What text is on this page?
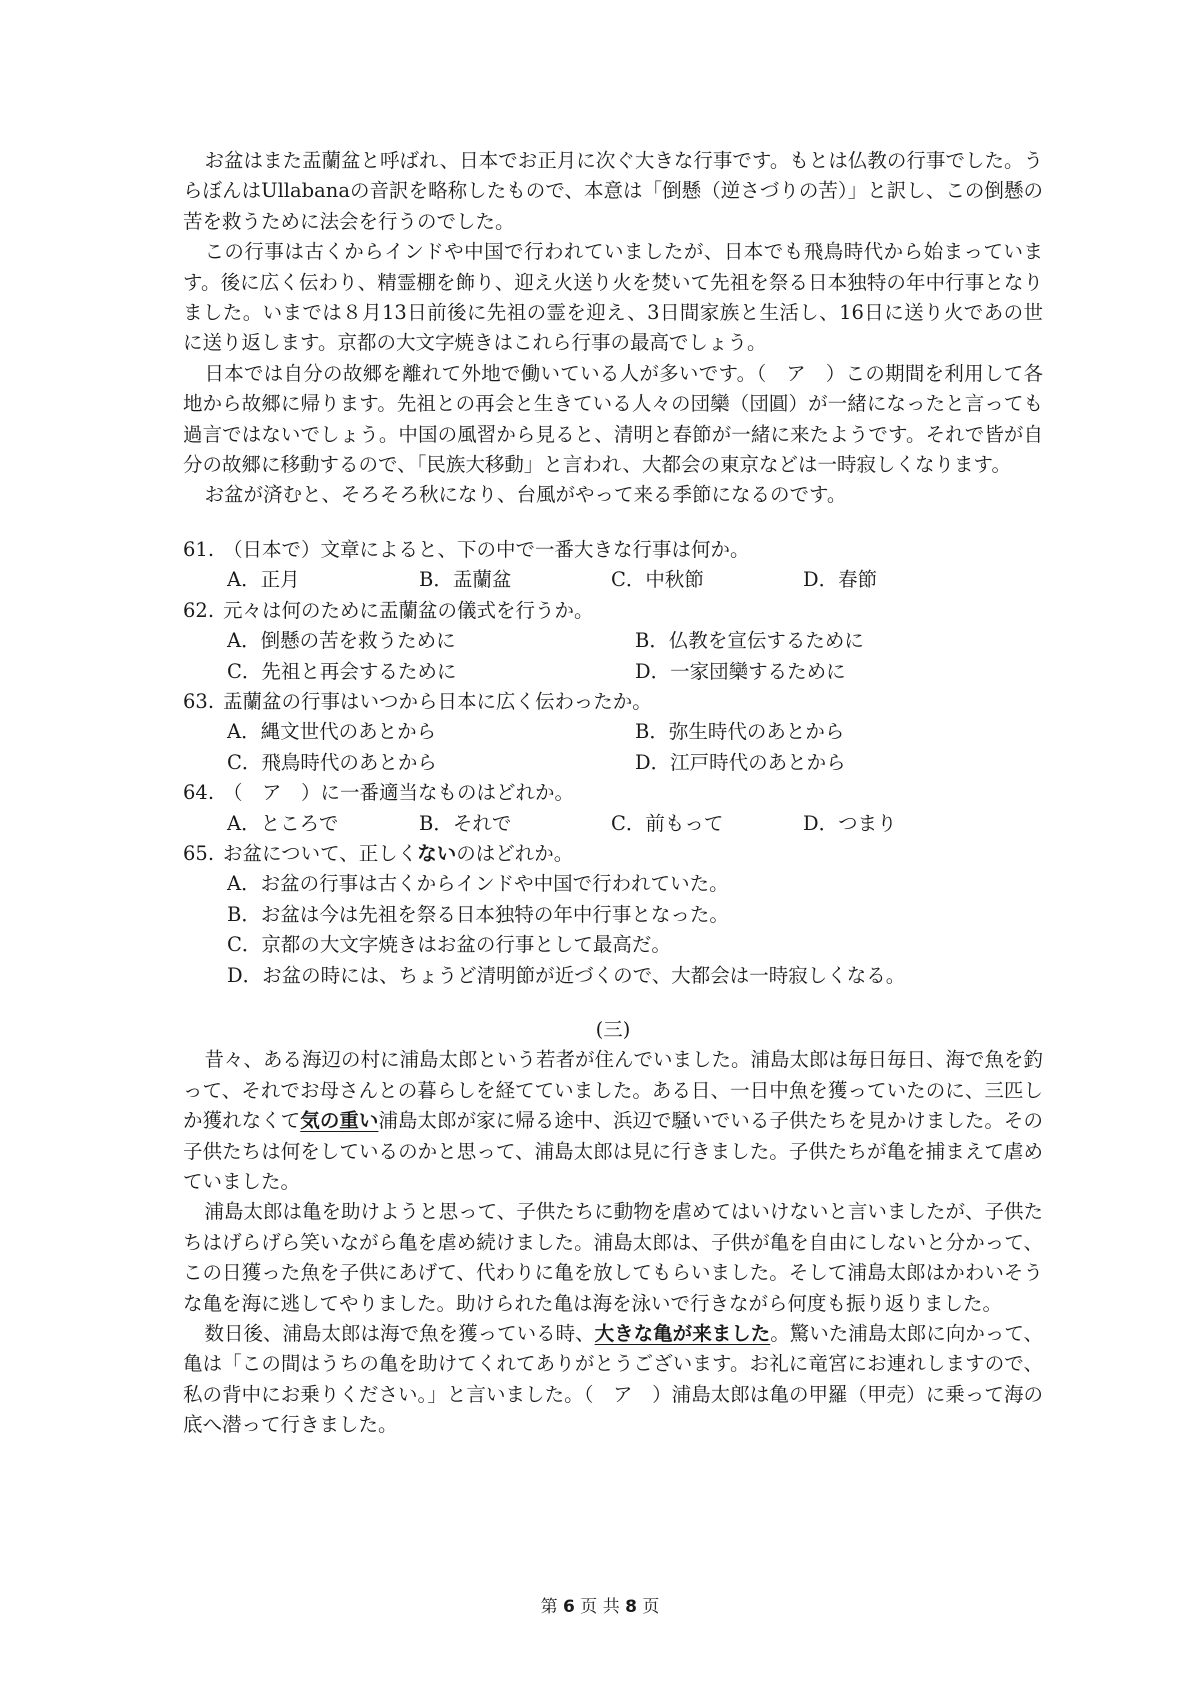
お盆はまた盂蘭盆と呼ばれ、日本でお正月に次ぐ大きな行事です。もとは仏教の行事でした。うらぼんはUllabanaの音訳を略称したもので、本意は「倒懸（逆さづりの苦）」と訳し、この倒懸の苦を救うために法会を行うのでした。

この行事は古くからインドや中国で行われていましたが、日本でも飛鳥時代から始まっています。後に広く伝わり、精霊棚を飾り、迎え火送り火を焚いて先祖を祭る日本独特の年中行事となりました。いまでは８月13日前後に先祖の霊を迎え、3日間家族と生活し、16日に送り火であの世に送り返します。京都の大文字焼きはこれら行事の最高でしょう。

日本では自分の故郷を離れて外地で働いている人が多いです。（　ア　）この期間を利用して各地から故郷に帰ります。先祖との再会と生きている人々の団欒（団圓）が一緒になったと言っても過言ではないでしょう。中国の風習から見ると、清明と春節が一緒に来たようです。それで皆が自分の故郷に移動するので、「民族大移動」と言われ、大都会の東京などは一時寂しくなります。

お盆が済むと、そろそろ秋になり、台風がやって来る季節になるのです。

61. （日本で）文章によると、下の中で一番大きな行事は何か。

A．正月	B．盂蘭盆	C．中秋節	D．春節

62. 元々は何のために盂蘭盆の儀式を行うか。

A．倒懸の苦を救うために	B．仏教を宣伝するために
C．先祖と再会するために	D．一家団欒するために

63. 盂蘭盆の行事はいつから日本に広く伝わったか。

A．縄文世代のあとから	B．弥生時代のあとから
C．飛鳥時代のあとから	D．江戸時代のあとから

64. （　ア　）に一番適当なものはどれか。

A．ところで	B．それで	C．前もって	D．つまり

65. お盆について、正しくないのはどれか。

A．お盆の行事は古くからインドや中国で行われていた。
B．お盆は今は先祖を祭る日本独特の年中行事となった。
C．京都の大文字焼きはお盆の行事として最高だ。
D．お盆の時には、ちょうど清明節が近づくので、大都会は一時寂しくなる。

(三)

昔々、ある海辺の村に浦島太郎という若者が住んでいました。浦島太郎は毎日毎日、海で魚を釣って、それでお母さんとの暮らしを経てていました。ある日、一日中魚を獲っていたのに、三匹しか獲れなくて気の重い浦島太郎が家に帰る途中、浜辺で騒いでいる子供たちを見かけました。その子供たちは何をしているのかと思って、浦島太郎は見に行きました。子供たちが亀を捕まえて虐めていました。

浦島太郎は亀を助けようと思って、子供たちに動物を虐めてはいけないと言いましたが、子供たちはげらげら笑いながら亀を虐め続けました。浦島太郎は、子供が亀を自由にしないと分かって、この日獲った魚を子供にあげて、代わりに亀を放してもらいました。そして浦島太郎はかわいそうな亀を海に逃してやりました。助けられた亀は海を泳いで行きながら何度も振り返りました。

数日後、浦島太郎は海で魚を獲っている時、大きな亀が来ました。驚いた浦島太郎に向かって、亀は「この間はうちの亀を助けてくれてありがとうございます。お礼に竜宮にお連れしますので、私の背中にお乗りください。」と言いました。（　ア　）浦島太郎は亀の甲羅（甲売）に乗って海の底へ潜って行きました。

第 6 页 共 8 页
